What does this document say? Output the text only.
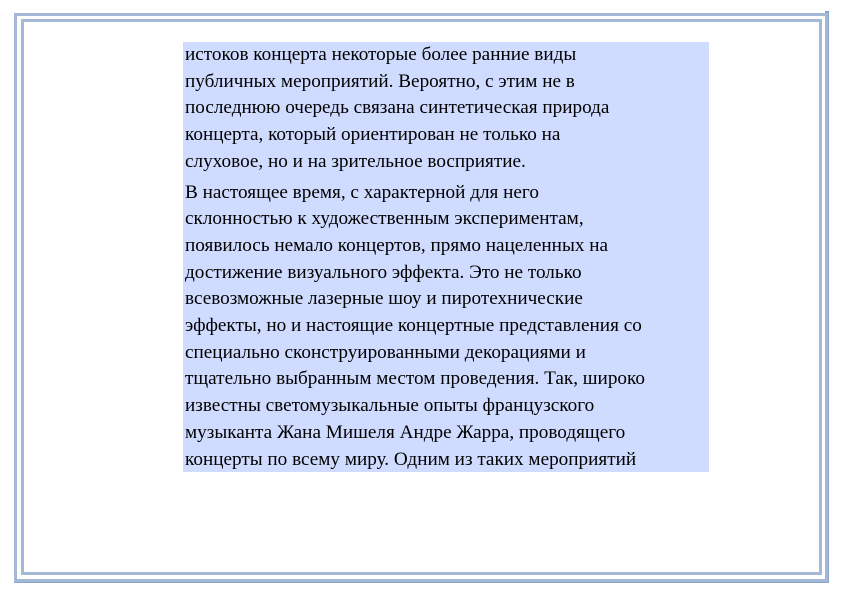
истоков концерта некоторые более ранние виды
публичных мероприятий. Вероятно, с этим не в
последнюю очередь связана синтетическая природа
концерта, который ориентирован не только на
слуховое, но и на зрительное восприятие.

В настоящее время, с характерной для него
склонностью к художественным экспериментам,
появилось немало концертов, прямо нацеленных на
достижение визуального эффекта. Это не только
всевозможные лазерные шоу и пиротехнические
эффекты, но и настоящие концертные представления со
специально сконструированными декорациями и
тщательно выбранным местом проведения. Так, широко
известны светомузыкальные опыты французского
музыканта Жана Мишеля Андре Жарра, проводящего
концерты по всему миру. Одним из таких мероприятий
